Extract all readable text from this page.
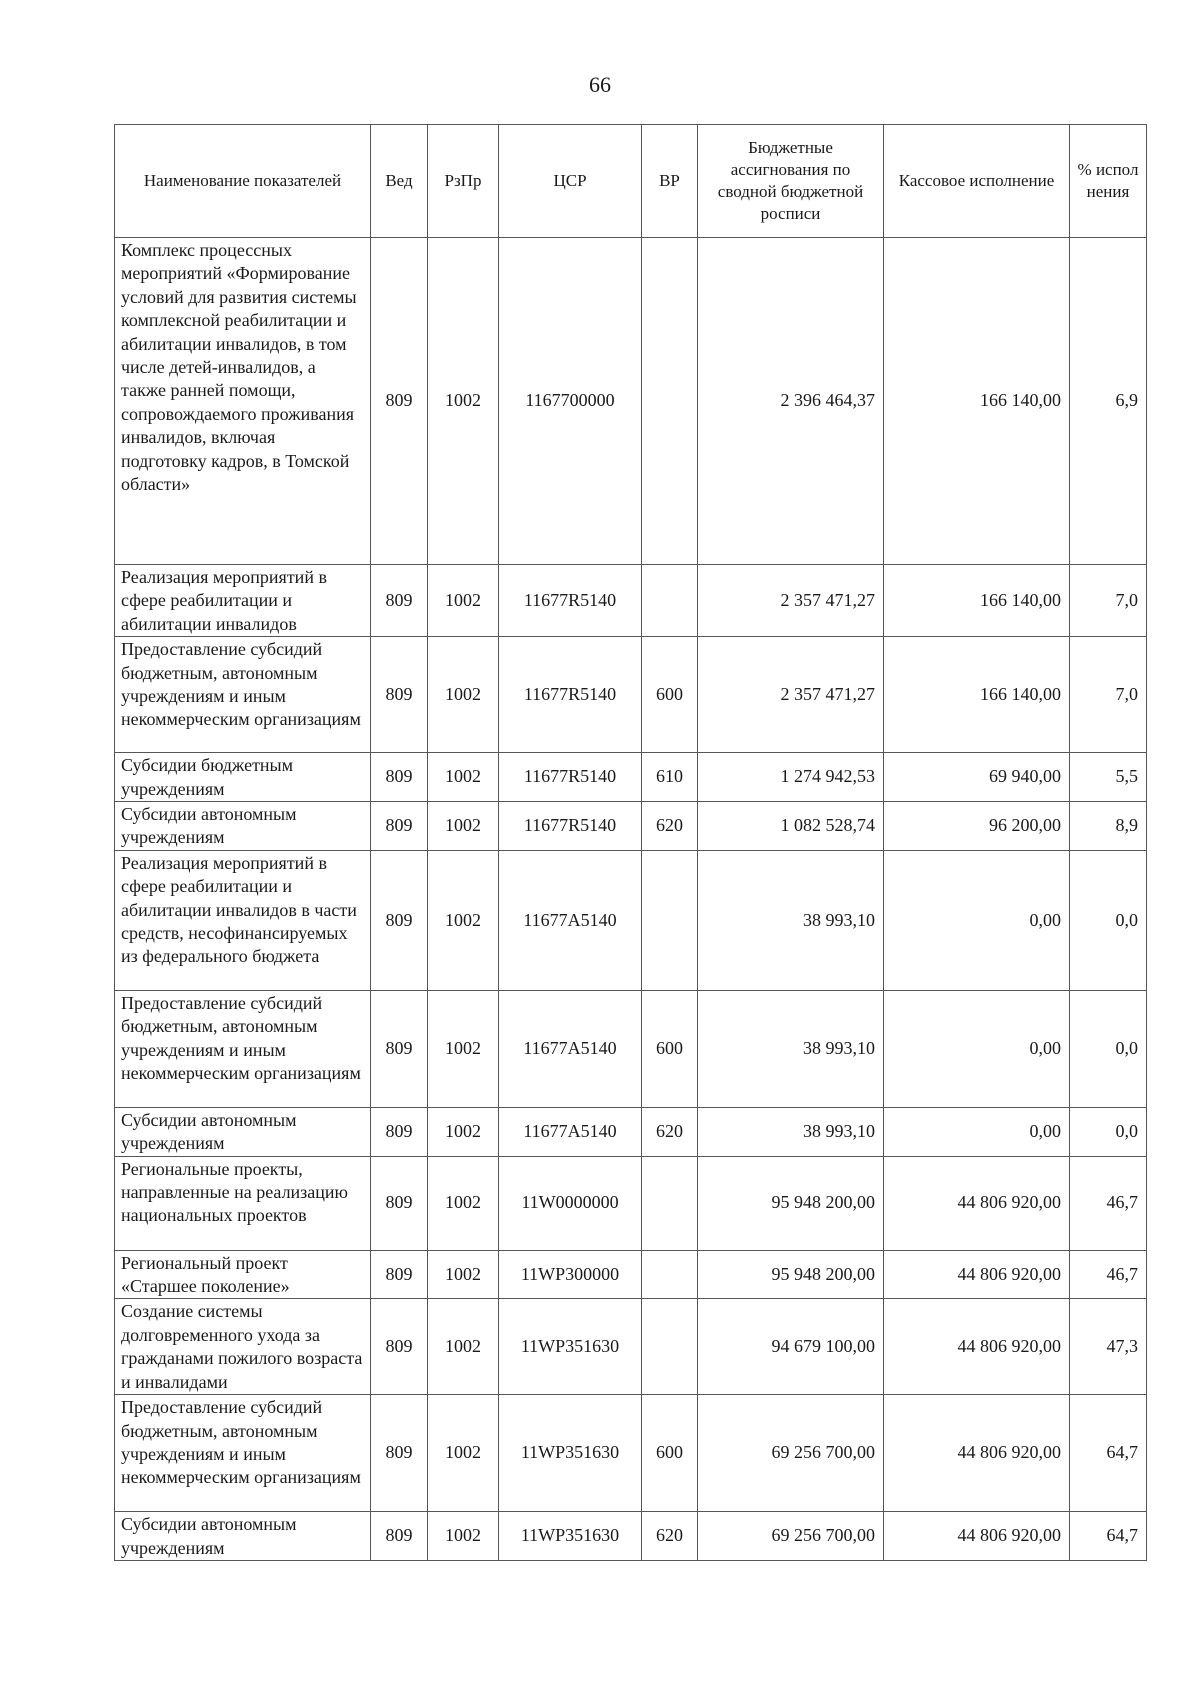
66
Наименование показателей	Вед	РзПр	ЦСР	ВР	Бюджетные ассигнования по сводной бюджетной росписи	Кассовое исполнение	% испол нения
Комплекс процессных мероприятий «Формирование условий для развития системы комплексной реабилитации и абилитации инвалидов, в том числе детей-инвалидов, а также ранней помощи, сопровождаемого проживания инвалидов, включая подготовку кадров, в Томской области»	809	1002	1167700000		2 396 464,37	166 140,00	6,9
Реализация мероприятий в сфере реабилитации и абилитации инвалидов	809	1002	11677R5140		2 357 471,27	166 140,00	7,0
Предоставление субсидий бюджетным, автономным учреждениям и иным некоммерческим организациям	809	1002	11677R5140	600	2 357 471,27	166 140,00	7,0
Субсидии бюджетным учреждениям	809	1002	11677R5140	610	1 274 942,53	69 940,00	5,5
Субсидии автономным учреждениям	809	1002	11677R5140	620	1 082 528,74	96 200,00	8,9
Реализация мероприятий в сфере реабилитации и абилитации инвалидов в части средств, несофинансируемых из федерального бюджета	809	1002	11677А5140		38 993,10	0,00	0,0
Предоставление субсидий бюджетным, автономным учреждениям и иным некоммерческим организациям	809	1002	11677А5140	600	38 993,10	0,00	0,0
Субсидии автономным учреждениям	809	1002	11677А5140	620	38 993,10	0,00	0,0
Региональные проекты, направленные на реализацию национальных проектов	809	1002	11W0000000		95 948 200,00	44 806 920,00	46,7
Региональный проект «Старшее поколение»	809	1002	11WP300000		95 948 200,00	44 806 920,00	46,7
Создание системы долговременного ухода за гражданами пожилого возраста и инвалидами	809	1002	11WP351630		94 679 100,00	44 806 920,00	47,3
Предоставление субсидий бюджетным, автономным учреждениям и иным некоммерческим организациям	809	1002	11WP351630	600	69 256 700,00	44 806 920,00	64,7
Субсидии автономным учреждениям	809	1002	11WP351630	620	69 256 700,00	44 806 920,00	64,7
